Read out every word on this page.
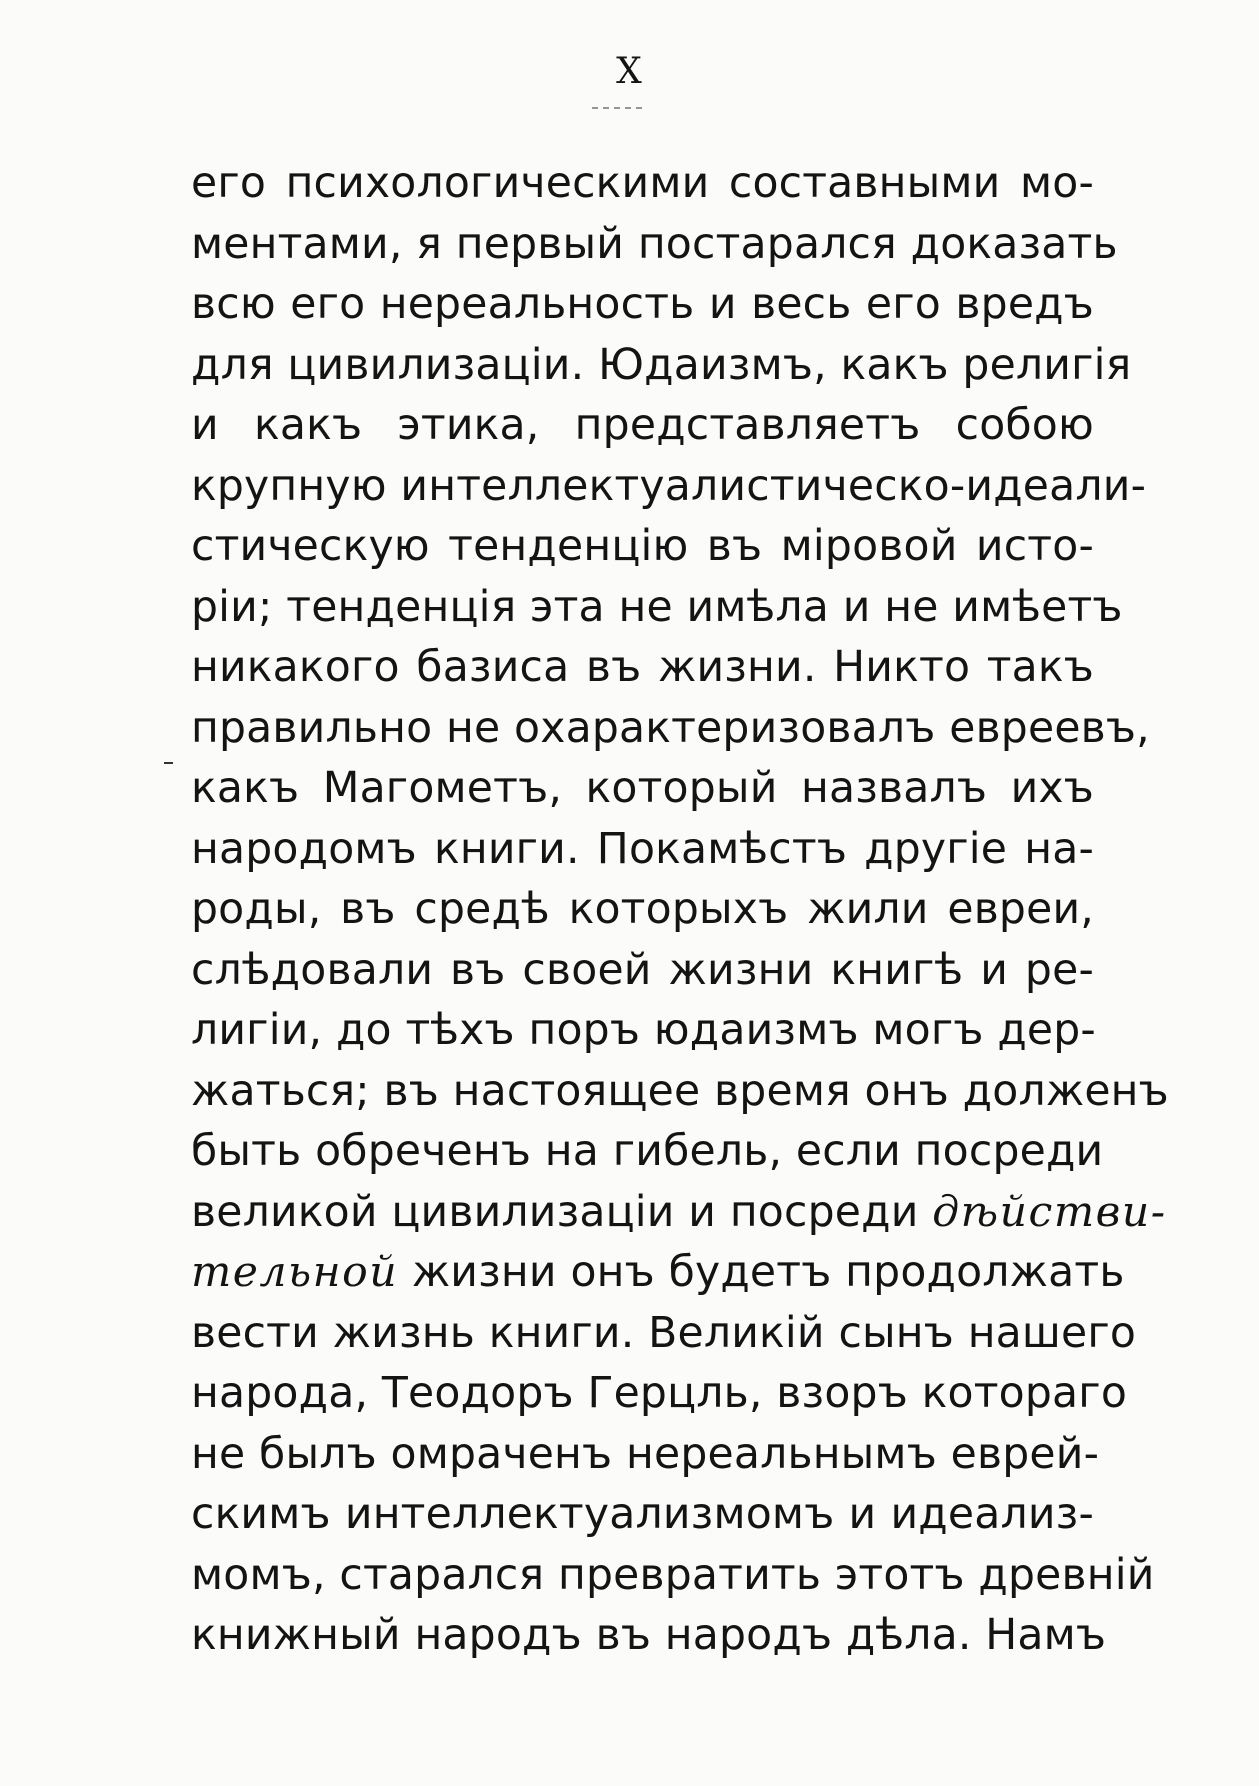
X
его психологическими составными мо-
ментами, я первый постарался доказать
всю его нереальность и весь его вредъ
для цивилизацiи. Юдаизмъ, какъ религiя
и какъ этика, представляетъ собою
крупную интеллектуалистическо-идеали-
стическую тенденцiю въ мiровой исто-
рiи; тенденцiя эта не имѣла и не имѣетъ
никакого базиса въ жизни. Никто такъ
правильно не охарактеризовалъ евреевъ,
какъ Магометъ, который назвалъ ихъ
народомъ книги. Покамѣстъ другiе на-
роды, въ средѣ которыхъ жили евреи,
слѣдовали въ своей жизни книгѣ и ре-
лигiи, до тѣхъ поръ юдаизмъ могъ дер-
жаться; въ настоящее время онъ долженъ
быть обреченъ на гибель, если посреди
великой цивилизацiи и посреди дѣйстви-
тельной жизни онъ будетъ продолжать
вести жизнь книги. Великiй сынъ нашего
народа, Теодоръ Герцль, взоръ котораго
не былъ омраченъ нереальнымъ еврей-
скимъ интеллектуализмомъ и идеализ-
момъ, старался превратить этотъ древнiй
книжный народъ въ народъ дѣла. Намъ
